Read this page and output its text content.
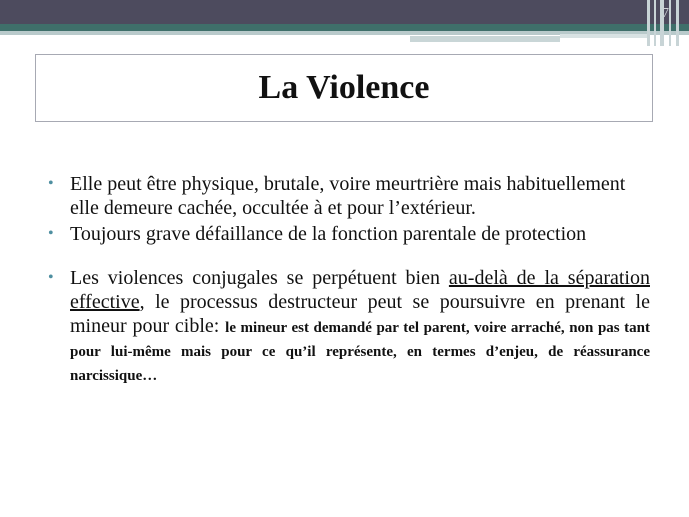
7
La Violence
• Elle peut être physique, brutale, voire meurtrière mais habituellement elle demeure cachée, occultée à et pour l’extérieur.
• Toujours grave défaillance de la fonction parentale de protection
• Les violences conjugales se perpétuent bien au-delà de la séparation effective, le processus destructeur peut se poursuivre en prenant le mineur pour cible: le mineur est demandé par tel parent, voire arraché, non pas tant pour lui-même mais pour ce qu’il représente, en termes d’enjeu, de réassurance narcissique…
